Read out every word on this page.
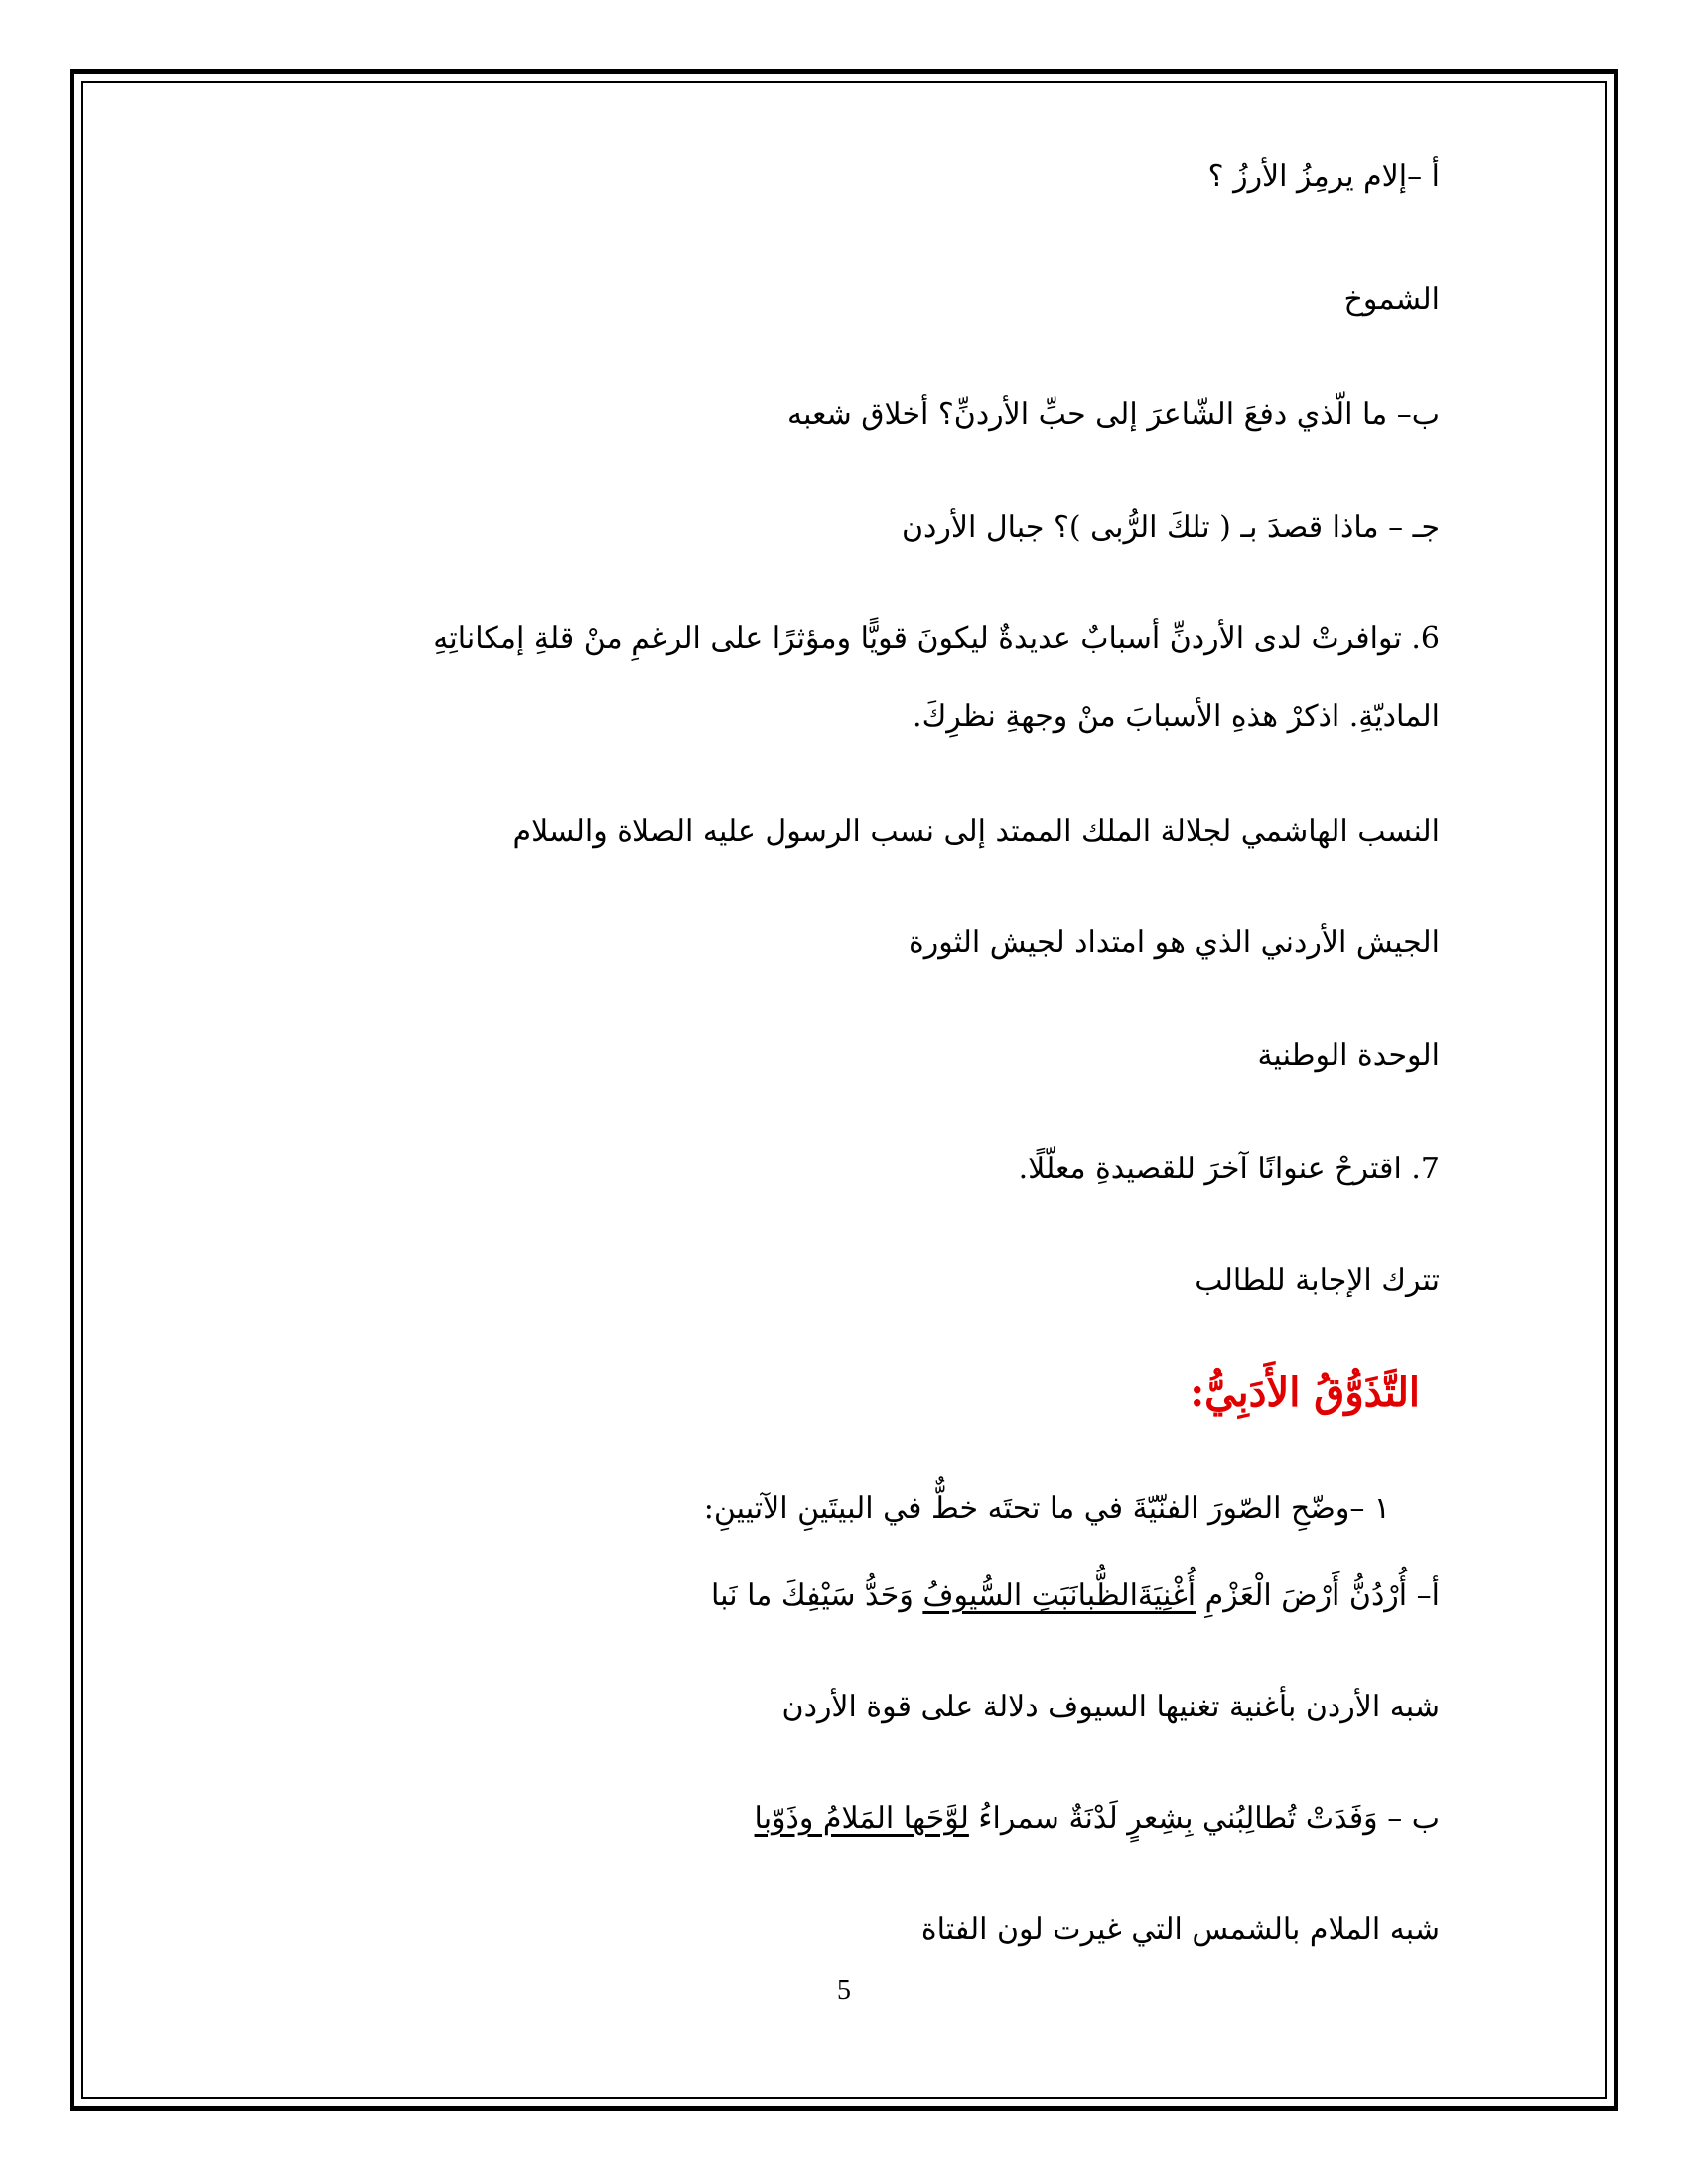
أ –إلام يرمِزُ الأرزُ ؟
الشموخ
ب– ما الّذي دفعَ الشّاعرَ إلى حبِّ الأردنِّ؟ أخلاق شعبه
جـ – ماذا قصدَ بـ ( تلكَ الرُّبى )؟ جبال الأردن
6. توافرتْ لدى الأردنِّ أسبابٌ عديدةٌ ليكونَ قويًّا ومؤثرًا على الرغمِ منْ قلةِ إمكاناتِهِ
الماديّةِ. اذكرْ هذهِ الأسبابَ منْ وجهةِ نظرِكَ.
النسب الهاشمي لجلالة الملك الممتد إلى نسب الرسول عليه الصلاة والسلام
الجيش الأردني الذي هو امتداد لجيش الثورة
الوحدة الوطنية
7. اقترحْ عنوانًا آخرَ للقصيدةِ معلّلًا.
تترك الإجابة للطالب
التَّذَوُّقُ الأَدَبِيُّ:
١ –وضّحِ الصّورَ الفنّيّةَ في ما تحتَه خطٌّ في البيتَينِ الآتيينِ:
أ– أُرْدُنُّ أَرْضَ الْعَزْمِ أُغْنِيَةَالظُّبانَبَتِ السُّيوفُ وَحَدُّ سَيْفِكَ ما نَبا
شبه الأردن بأغنية تغنيها السيوف دلالة على قوة الأردن
ب – وَفَدَتْ تُطالِبُني بِشِعرٍ لَدْنَةٌ سمراءُ لوَّحَها المَلامُ وذَوّبا
شبه الملام بالشمس التي غيرت لون الفتاة
5
